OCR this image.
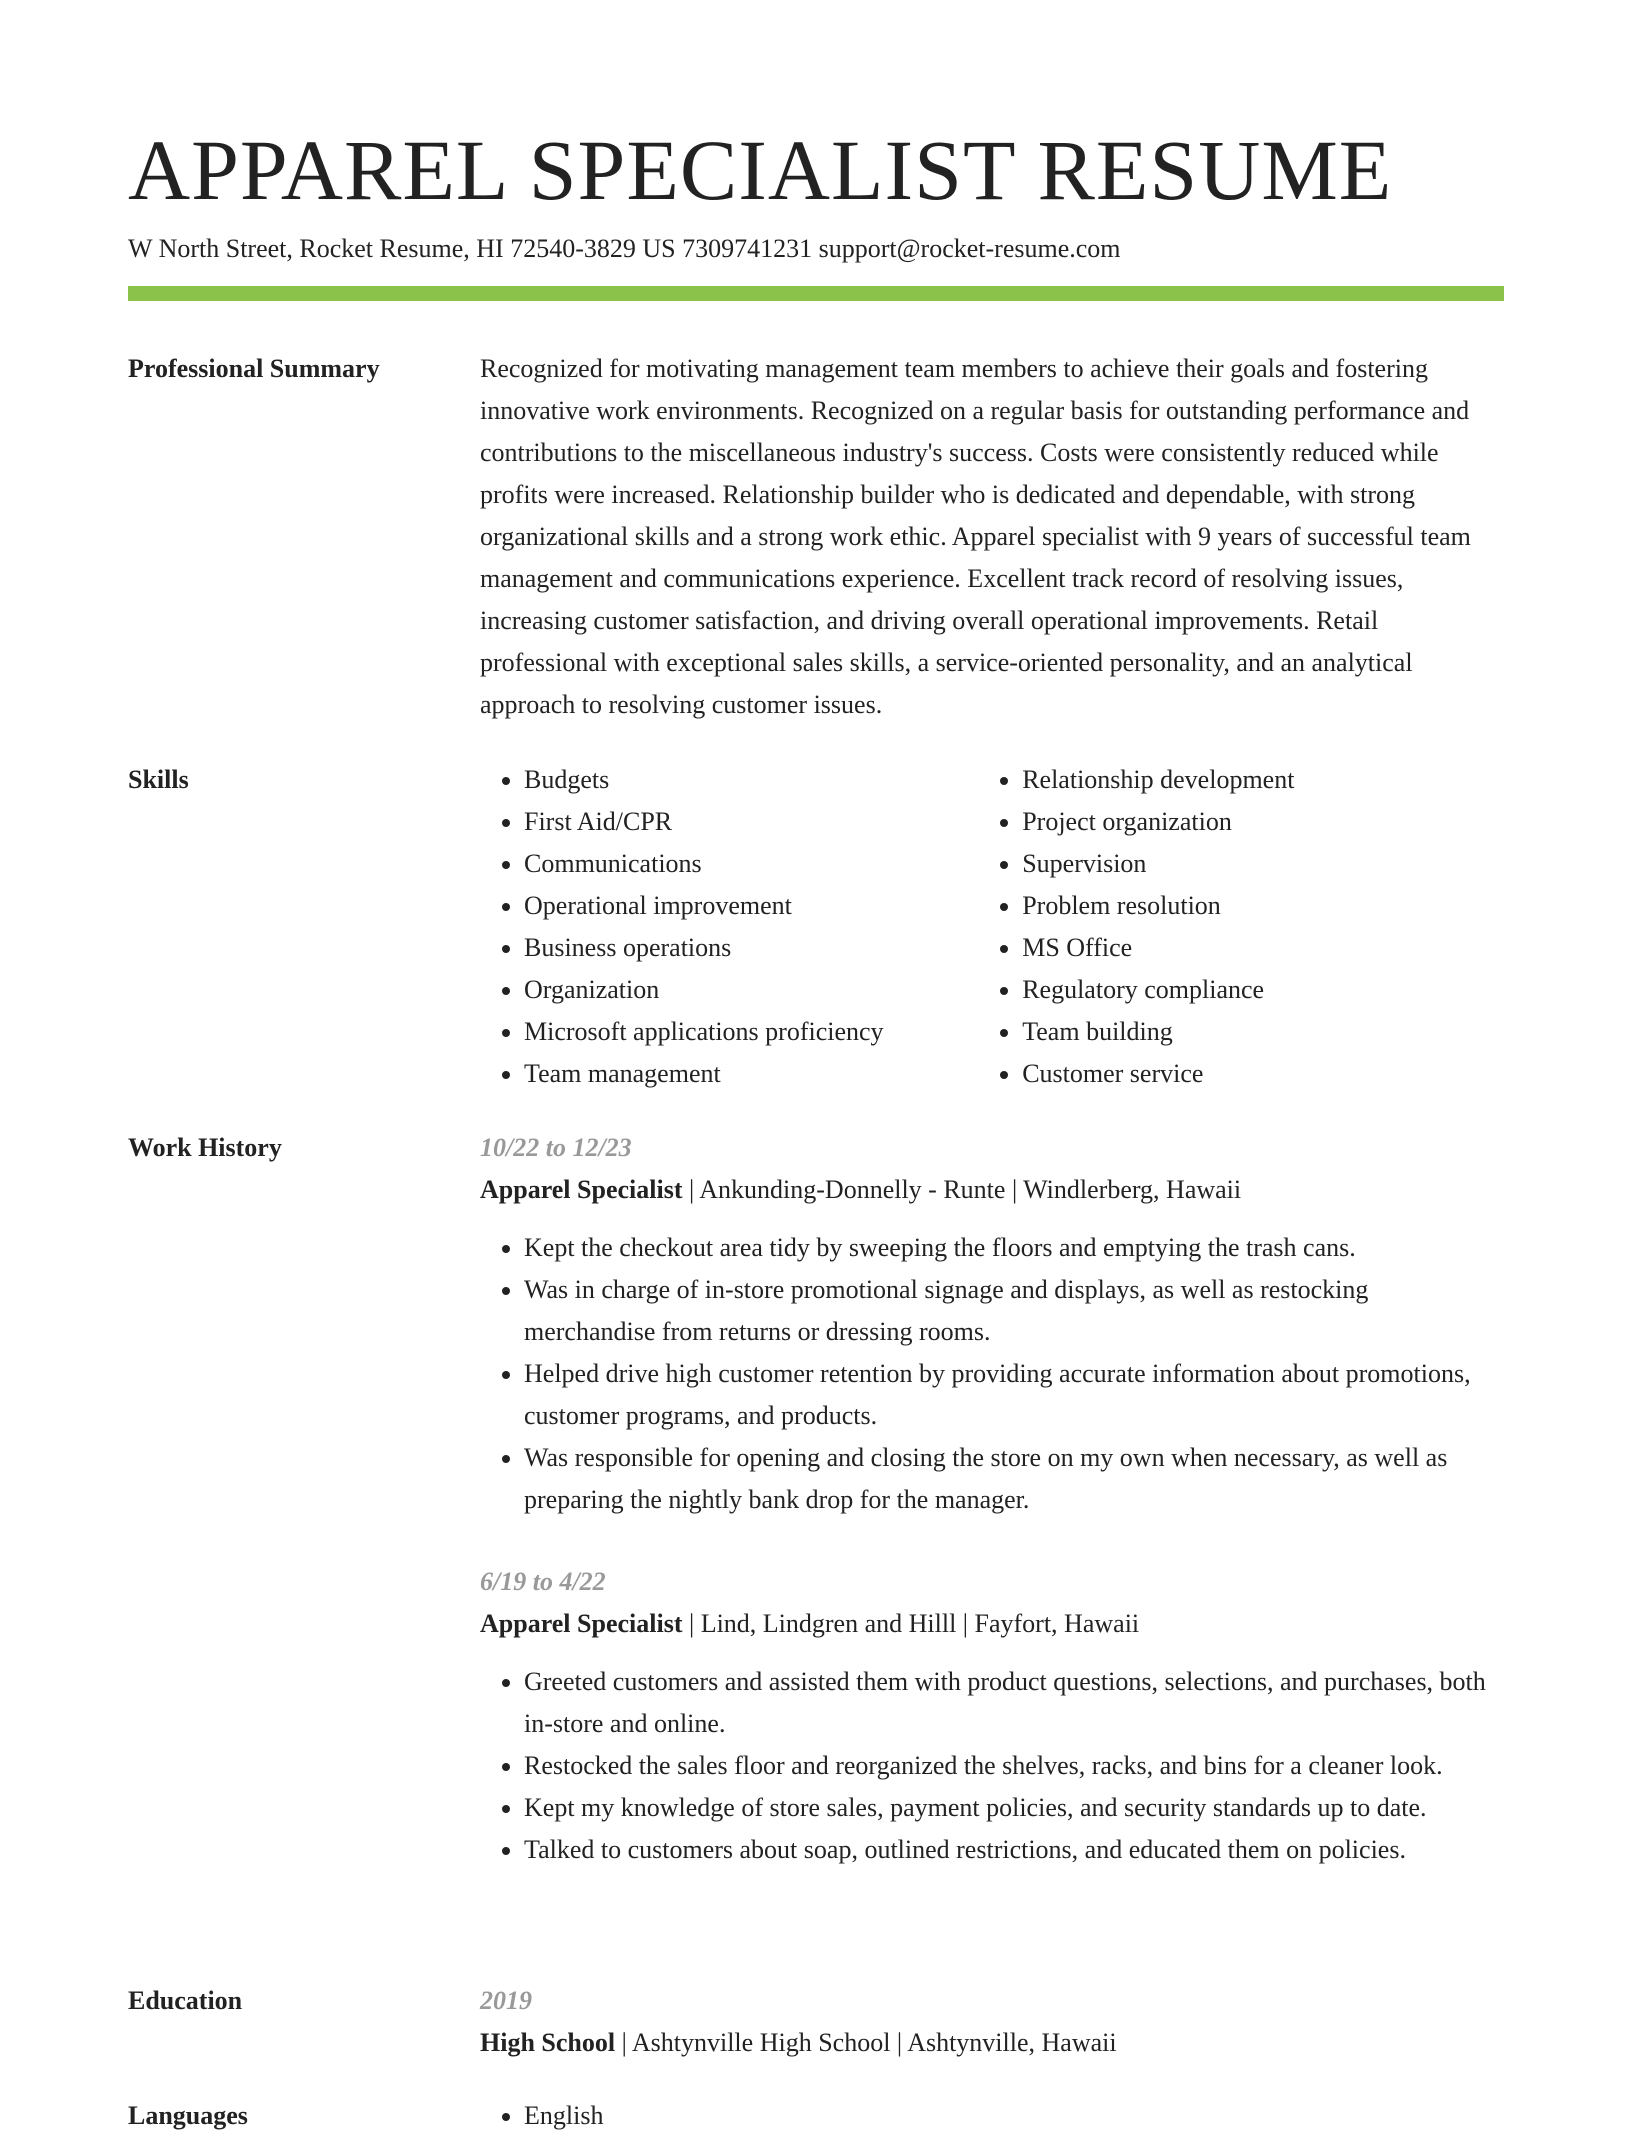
APPAREL SPECIALIST RESUME
W North Street, Rocket Resume, HI 72540-3829 US 7309741231 support@rocket-resume.com
Professional Summary	Recognized for motivating management team members to achieve their goals and fostering innovative work environments. Recognized on a regular basis for outstanding performance and contributions to the miscellaneous industry's success. Costs were consistently reduced while profits were increased. Relationship builder who is dedicated and dependable, with strong organizational skills and a strong work ethic. Apparel specialist with 9 years of successful team management and communications experience. Excellent track record of resolving issues, increasing customer satisfaction, and driving overall operational improvements. Retail professional with exceptional sales skills, a service-oriented personality, and an analytical approach to resolving customer issues.

Skills	• Budgets
• First Aid/CPR
• Communications
• Operational improvement
• Business operations
• Organization
• Microsoft applications proficiency
• Team management
• Relationship development
• Project organization
• Supervision
• Problem resolution
• MS Office
• Regulatory compliance
• Team building
• Customer service
Work History	10/22 to 12/23
Apparel Specialist | Ankunding-Donnelly - Runte | Windlerberg, Hawaii
• Kept the checkout area tidy by sweeping the floors and emptying the trash cans.
• Was in charge of in-store promotional signage and displays, as well as restocking merchandise from returns or dressing rooms.
• Helped drive high customer retention by providing accurate information about promotions, customer programs, and products.
• Was responsible for opening and closing the store on my own when necessary, as well as preparing the nightly bank drop for the manager.
6/19 to 4/22
Apparel Specialist | Lind, Lindgren and Hilll | Fayfort, Hawaii
• Greeted customers and assisted them with product questions, selections, and purchases, both in-store and online.
• Restocked the sales floor and reorganized the shelves, racks, and bins for a cleaner look.
• Kept my knowledge of store sales, payment policies, and security standards up to date.
• Talked to customers about soap, outlined restrictions, and educated them on policies.
Education	2019
High School | Ashtynville High School | Ashtynville, Hawaii
Languages	• English
